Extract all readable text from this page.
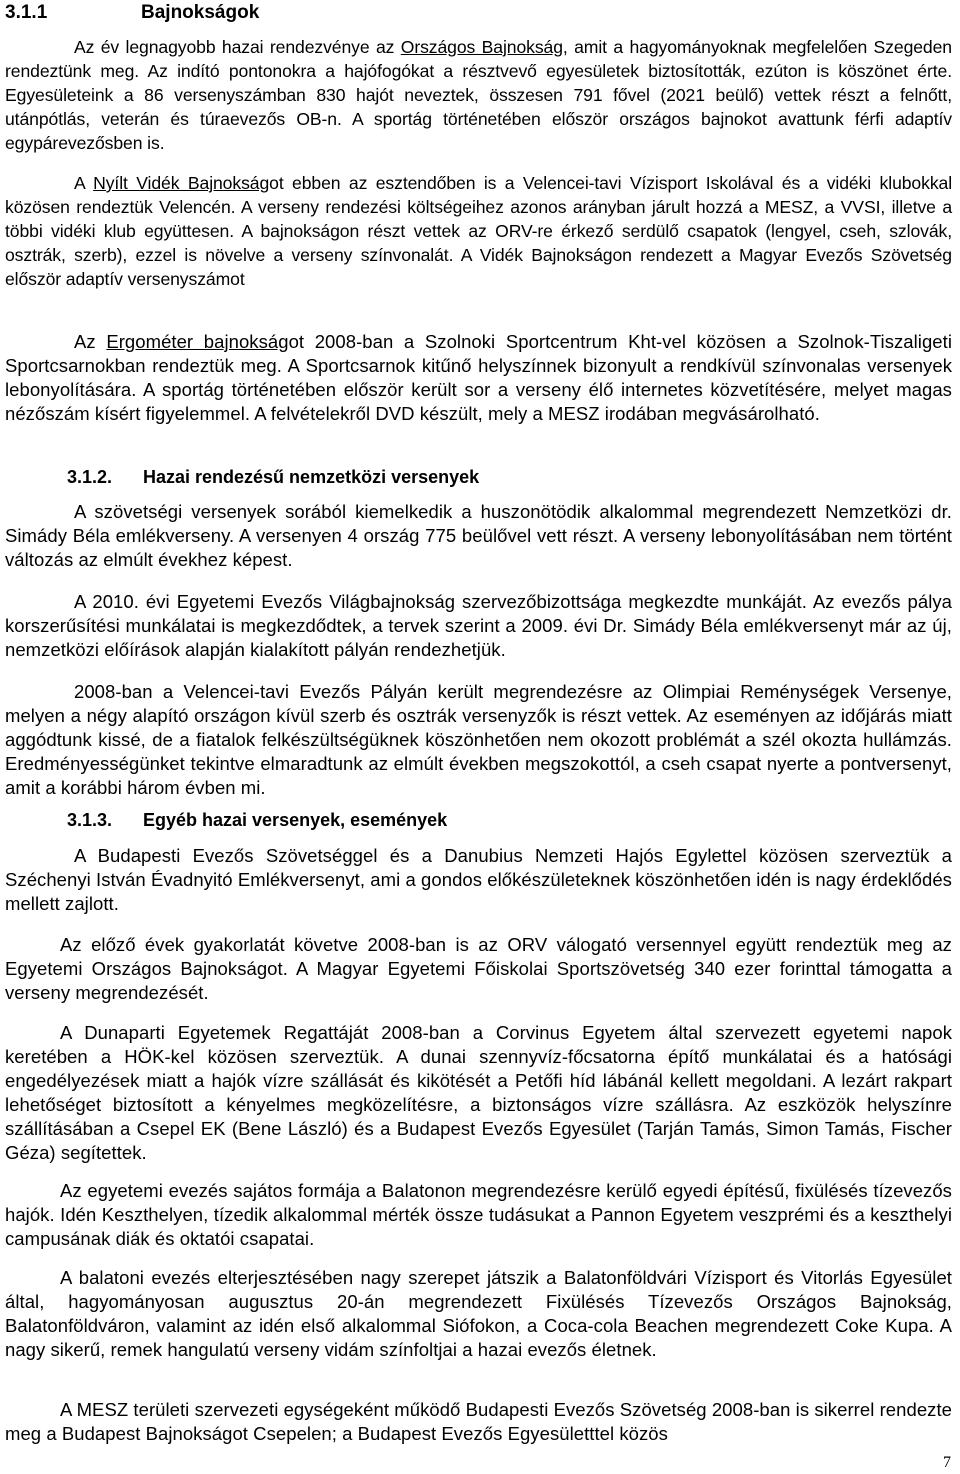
3.1.1	Bajnokságok

Az év legnagyobb hazai rendezvénye az Országos Bajnokság, amit a hagyományoknak megfelelően Szegeden rendeztünk meg. Az indító pontonokra a hajófogókat a résztvevő egyesületek biztosították, ezúton is köszönet érte. Egyesületeink a 86 versenyszámban 830 hajót neveztek, összesen 791 fővel (2021 beülő) vettek részt a felnőtt, utánpótlás, veterán és túraevezős OB-n. A sportág történetében először országos bajnokot avattunk férfi adaptív egypárevezősben is.

A Nyílt Vidék Bajnokságot ebben az esztendőben is a Velencei-tavi Vízisport Iskolával és a vidéki klubokkal közösen rendeztük Velencén. A verseny rendezési költségeihez azonos arányban járult hozzá a MESZ, a VVSI, illetve a többi vidéki klub együttesen. A bajnokságon részt vettek az ORV-re érkező serdülő csapatok (lengyel, cseh, szlovák, osztrák, szerb), ezzel is növelve a verseny színvonalát. A Vidék Bajnokságon rendezett a Magyar Evezős Szövetség először adaptív versenyszámot

Az Ergométer bajnokságot 2008-ban a Szolnoki Sportcentrum Kht-vel közösen a Szolnok-Tiszaligeti Sportcsarnokban rendeztük meg. A Sportcsarnok kitűnő helyszínnek bizonyult a rendkívül színvonalas versenyek lebonyolítására. A sportág történetében először került sor a verseny élő internetes közvetítésére, melyet magas nézőszám kísért figyelemmel. A felvételekről DVD készült, mely a MESZ irodában megvásárolható.

3.1.2. Hazai rendezésű nemzetközi versenyek

A szövetségi versenyek sorából kiemelkedik a huszonötödik alkalommal megrendezett Nemzetközi dr. Simády Béla emlékverseny. A versenyen 4 ország 775 beülővel vett részt. A verseny lebonyolításában nem történt változás az elmúlt évekhez képest.

A 2010. évi Egyetemi Evezős Világbajnokság szervezőbizottsága megkezdte munkáját. Az evezős pálya korszerűsítési munkálatai is megkezdődtek, a tervek szerint a 2009. évi Dr. Simády Béla emlékversenyt már az új, nemzetközi előírások alapján kialakított pályán rendezhetjük.

2008-ban a Velencei-tavi Evezős Pályán került megrendezésre az Olimpiai Reménységek Versenye, melyen a négy alapító országon kívül szerb és osztrák versenyzők is részt vettek. Az eseményen az időjárás miatt aggódtunk kissé, de a fiatalok felkészültségüknek köszönhetően nem okozott problémát a szél okozta hullámzás. Eredményességünket tekintve elmaradtunk az elmúlt években megszokottól, a cseh csapat nyerte a pontversenyt, amit a korábbi három évben mi.

3.1.3. Egyéb hazai versenyek, események

A Budapesti Evezős Szövetséggel és a Danubius Nemzeti Hajós Egylettel közösen szerveztük a Széchenyi István Évadnyitó Emlékversenyt, ami a gondos előkészületeknek köszönhetően idén is nagy érdeklődés mellett zajlott.

Az előző évek gyakorlatát követve 2008-ban is az ORV válogató versennyel együtt rendeztük meg az Egyetemi Országos Bajnokságot. A Magyar Egyetemi Főiskolai Sportszövetség 340 ezer forinttal támogatta a verseny megrendezését.

A Dunaparti Egyetemek Regattáját 2008-ban a Corvinus Egyetem által szervezett egyetemi napok keretében a HÖK-kel közösen szerveztük. A dunai szennyvíz-főcsatorna építő munkálatai és a hatósági engedélyezések miatt a hajók vízre szállását és kikötését a Petőfi híd lábánál kellett megoldani. A lezárt rakpart lehetőséget biztosított a kényelmes megközelítésre, a biztonságos vízre szállásra. Az eszközök helyszínre szállításában a Csepel EK (Bene László) és a Budapest Evezős Egyesület (Tarján Tamás, Simon Tamás, Fischer Géza) segítettek.

Az egyetemi evezés sajátos formája a Balatonon megrendezésre kerülő egyedi építésű, fixülésés tízevezős hajók. Idén Keszthelyen, tízedik alkalommal mérték össze tudásukat a Pannon Egyetem veszprémi és a keszthelyi campusának diák és oktatói csapatai.

A balatoni evezés elterjesztésében nagy szerepet játszik a Balatonföldvári Vízisport és Vitorlás Egyesület által, hagyományosan augusztus 20-án megrendezett Fixülésés Tízevezős Országos Bajnokság, Balatonföldváron, valamint az idén első alkalommal Siófokon, a Coca-cola Beachen megrendezett Coke Kupa. A nagy sikerű, remek hangulatú verseny vidám színfoltjai a hazai evezős életnek.

A MESZ területi szervezeti egységeként működő Budapesti Evezős Szövetség 2008-ban is sikerrel rendezte meg a Budapest Bajnokságot Csepelen; a Budapest Evezős Egyesületttel közös

7
